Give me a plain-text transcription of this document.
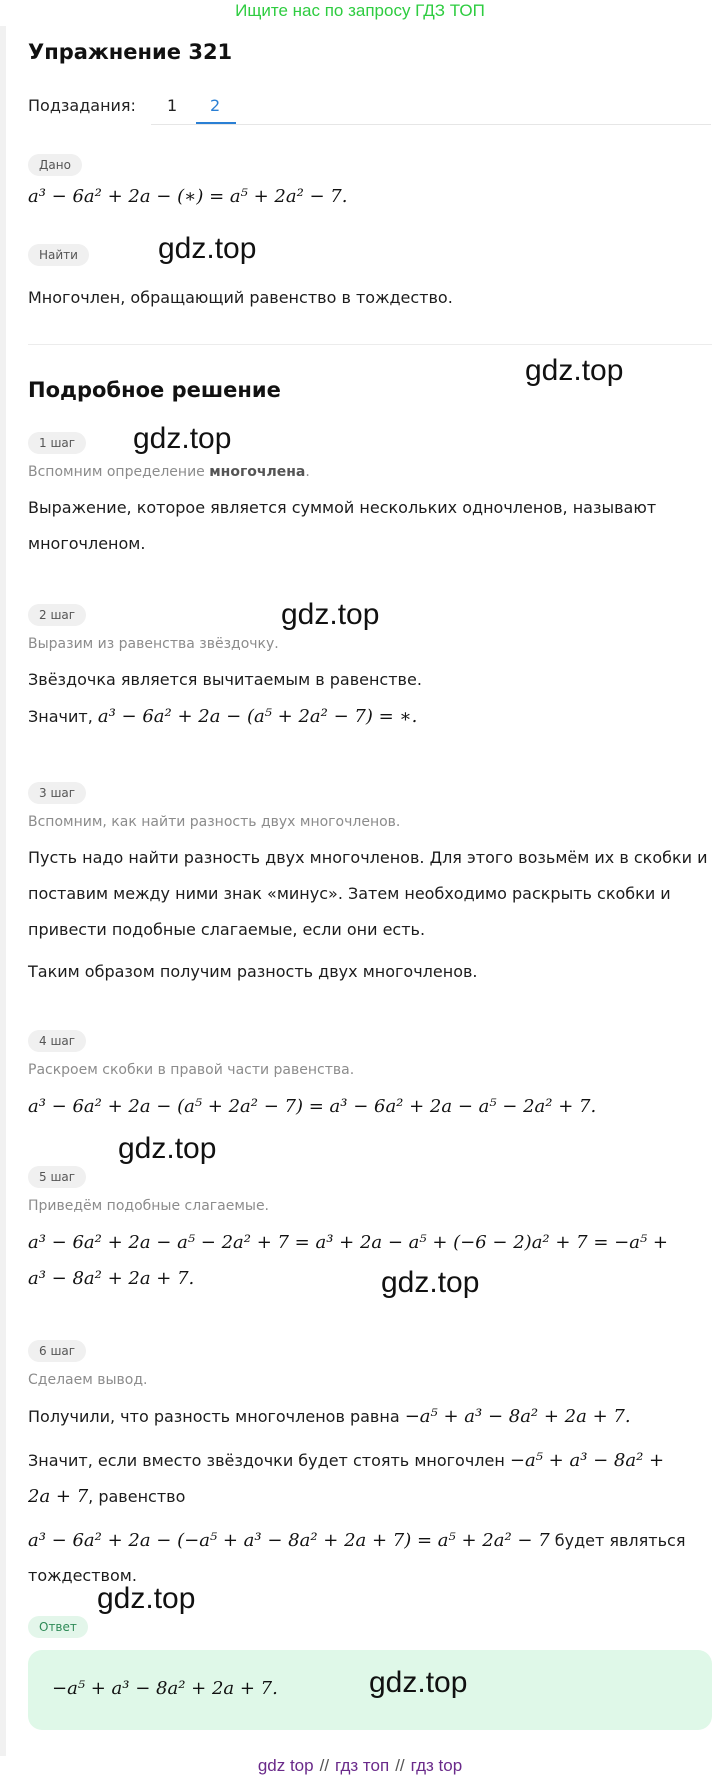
Ищите нас по запросу ГДЗ ТОП
Упражнение 321
Подзадания: 1 2
Дано
a³ − 6a² + 2a − (∗) = a⁵ + 2a² − 7.
Найти
Многочлен, обращающий равенство в тождество.
Подробное решение
1 шаг
Вспомним определение многочлена.
Выражение, которое является суммой нескольких одночленов, называют
многочленом.
2 шаг
Выразим из равенства звёздочку.
Звёздочка является вычитаемым в равенстве.
Значит, a³ − 6a² + 2a − (a⁵ + 2a² − 7) = ∗.
3 шаг
Вспомним, как найти разность двух многочленов.
Пусть надо найти разность двух многочленов. Для этого возьмём их в скобки и
поставим между ними знак «минус». Затем необходимо раскрыть скобки и
привести подобные слагаемые, если они есть.
Таким образом получим разность двух многочленов.
4 шаг
Раскроем скобки в правой части равенства.
a³ − 6a² + 2a − (a⁵ + 2a² − 7) = a³ − 6a² + 2a − a⁵ − 2a² + 7.
5 шаг
Приведём подобные слагаемые.
a³ − 6a² + 2a − a⁵ − 2a² + 7 = a³ + 2a − a⁵ + (−6 − 2)a² + 7 = −a⁵ +
a³ − 8a² + 2a + 7.
6 шаг
Сделаем вывод.
Получили, что разность многочленов равна −a⁵ + a³ − 8a² + 2a + 7.
Значит, если вместо звёздочки будет стоять многочлен −a⁵ + a³ − 8a² +
2a + 7, равенство
a³ − 6a² + 2a − (−a⁵ + a³ − 8a² + 2a + 7) = a⁵ + 2a² − 7 будет являться
тождеством.
Ответ
−a⁵ + a³ − 8a² + 2a + 7.
gdz.top
gdz.top
gdz.top
gdz.top
gdz.top
gdz.top
gdz.top
gdz.top
gdz top // гдз топ // гдз top
